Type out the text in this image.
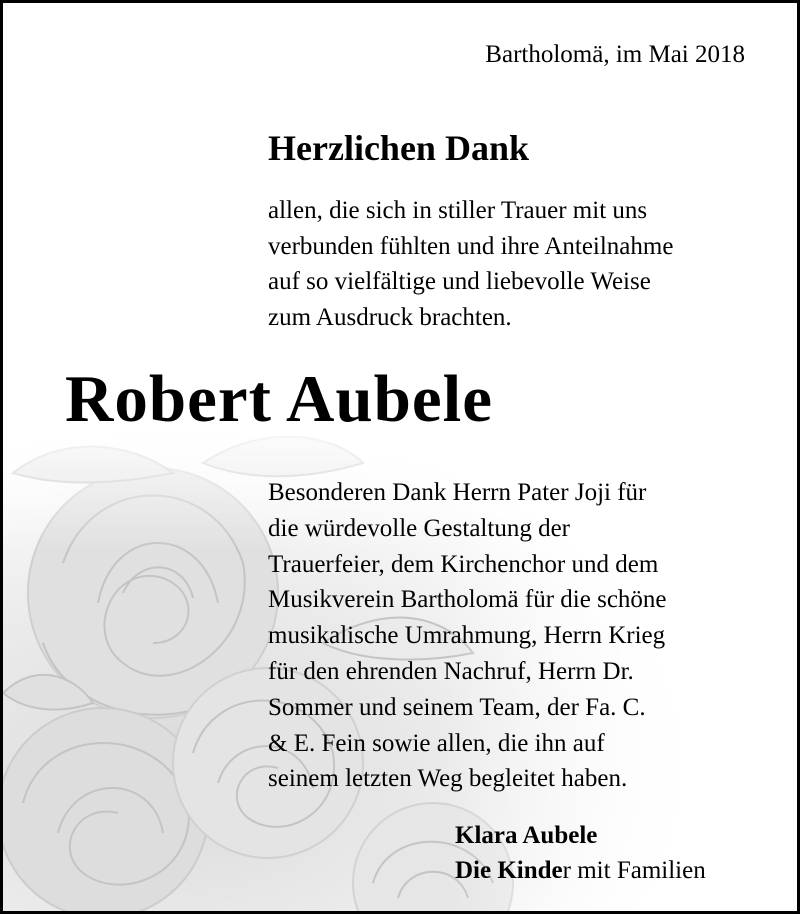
Bartholomä, im Mai 2018
Herzlichen Dank
allen, die sich in stiller Trauer mit uns
verbunden fühlten und ihre Anteilnahme
auf so vielfältige und liebevolle Weise
zum Ausdruck brachten.
Robert Aubele
Besonderen Dank Herrn Pater Joji für
die würdevolle Gestaltung der
Trauerfeier, dem Kirchenchor und dem
Musikverein Bartholomä für die schöne
musikalische Umrahmung, Herrn Krieg
für den ehrenden Nachruf, Herrn Dr.
Sommer und seinem Team, der Fa. C.
& E. Fein sowie allen, die ihn auf
seinem letzten Weg begleitet haben.
Klara Aubele
Die Kinder mit Familien
